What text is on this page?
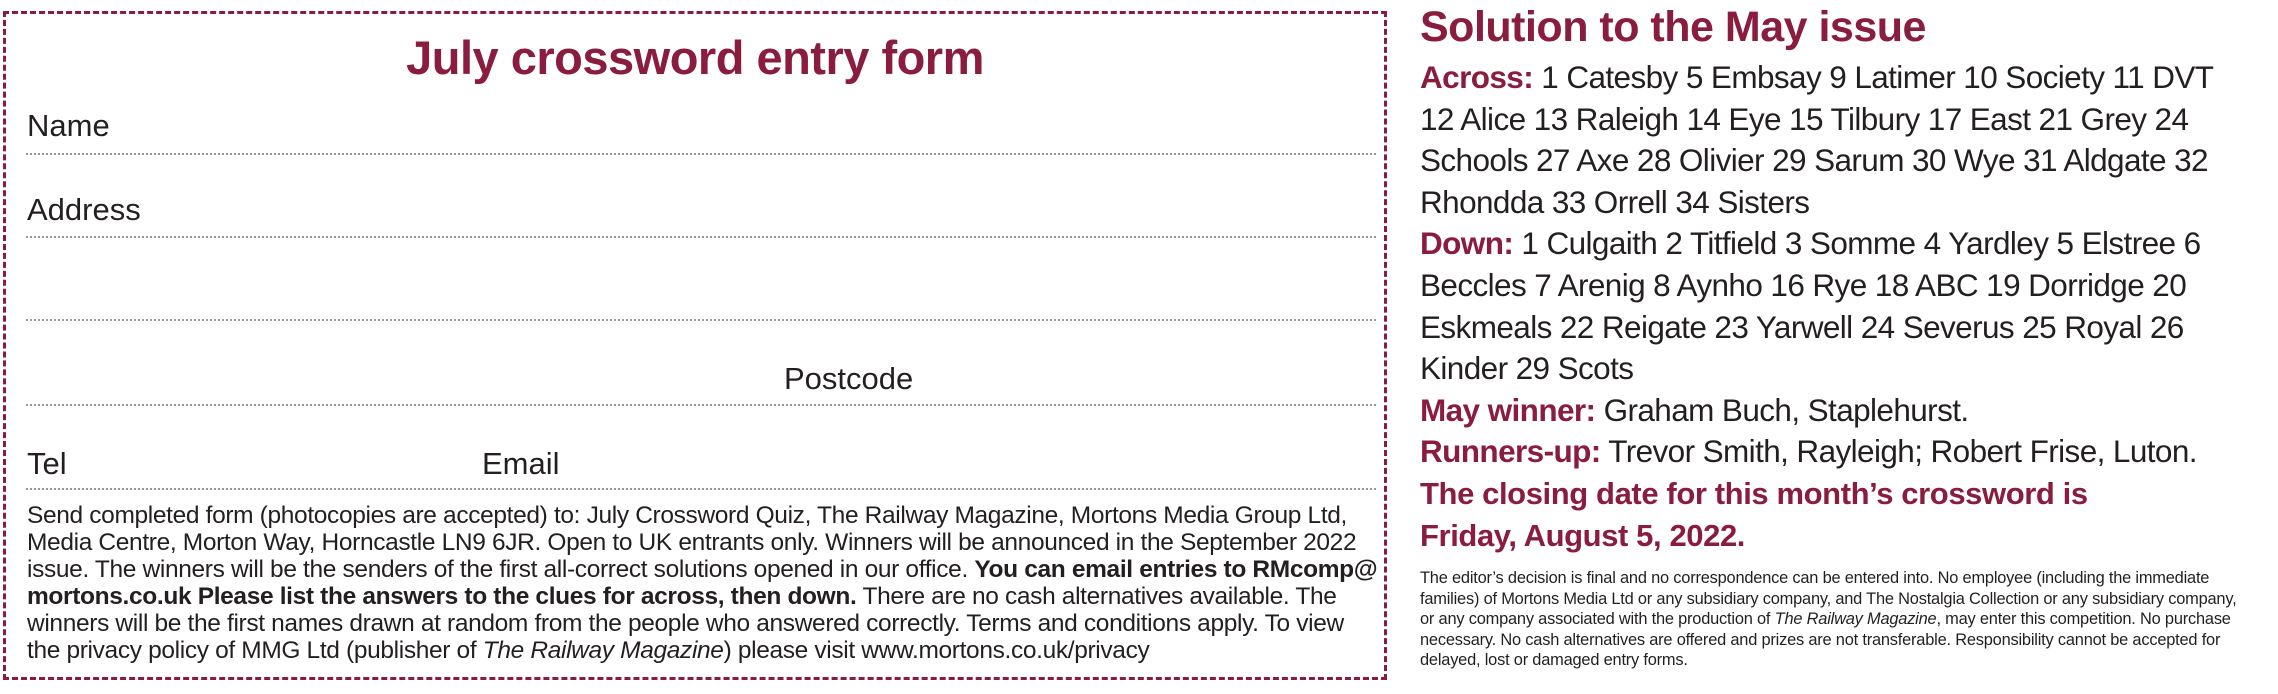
July crossword entry form
Name
Address
Postcode
Tel	Email
Send completed form (photocopies are accepted) to: July Crossword Quiz, The Railway Magazine, Mortons Media Group Ltd, Media Centre, Morton Way, Horncastle LN9 6JR. Open to UK entrants only. Winners will be announced in the September 2022 issue. The winners will be the senders of the first all-correct solutions opened in our office. You can email entries to RMcomp@ mortons.co.uk Please list the answers to the clues for across, then down. There are no cash alternatives available. The winners will be the first names drawn at random from the people who answered correctly. Terms and conditions apply. To view the privacy policy of MMG Ltd (publisher of The Railway Magazine) please visit www.mortons.co.uk/privacy
Solution to the May issue
Across: 1 Catesby 5 Embsay 9 Latimer 10 Society 11 DVT 12 Alice 13 Raleigh 14 Eye 15 Tilbury 17 East 21 Grey 24 Schools 27 Axe 28 Olivier 29 Sarum 30 Wye 31 Aldgate 32 Rhondda 33 Orrell 34 Sisters
Down: 1 Culgaith 2 Titfield 3 Somme 4 Yardley 5 Elstree 6 Beccles 7 Arenig 8 Aynho 16 Rye 18 ABC 19 Dorridge 20 Eskmeals 22 Reigate 23 Yarwell 24 Severus 25 Royal 26 Kinder 29 Scots
May winner: Graham Buch, Staplehurst.
Runners-up: Trevor Smith, Rayleigh; Robert Frise, Luton.
The closing date for this month’s crossword is
Friday, August 5, 2022.
The editor’s decision is final and no correspondence can be entered into. No employee (including the immediate families) of Mortons Media Ltd or any subsidiary company, and The Nostalgia Collection or any subsidiary company, or any company associated with the production of The Railway Magazine, may enter this competition. No purchase necessary. No cash alternatives are offered and prizes are not transferable. Responsibility cannot be accepted for delayed, lost or damaged entry forms.
